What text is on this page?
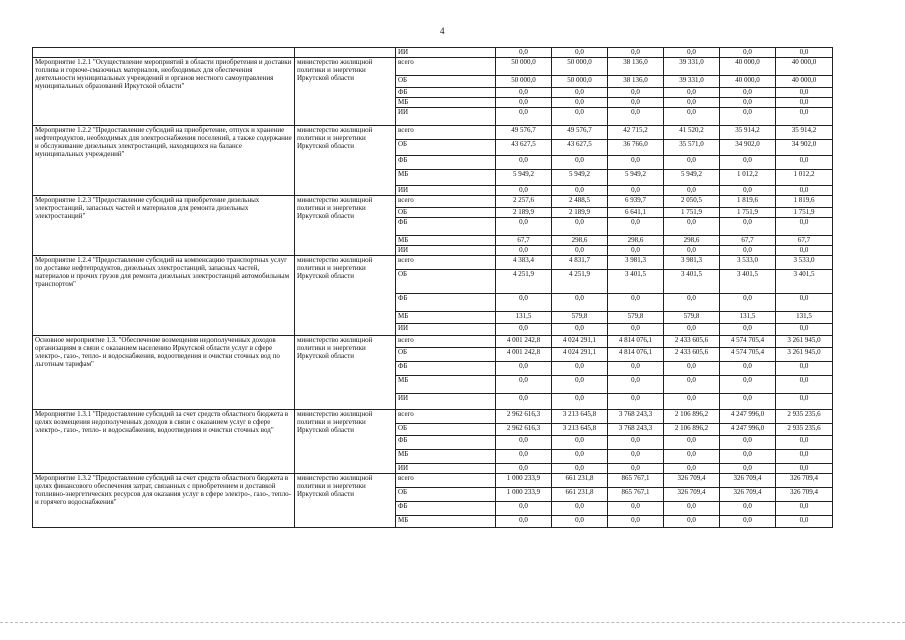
4
		ИИ	0,0	0,0	0,0	0,0	0,0	0,0
Мероприятие 1.2.1 "Осуществление мероприятий в области приобретения и доставки топлива и горюче-смазочных материалов, необходимых для обеспечения деятельности муниципальных учреждений и органов местного самоуправления муниципальных образований Иркутской области"	министерство жилищной политики и энергетики Иркутской области	всего	50 000,0	50 000,0	38 136,0	39 331,0	40 000,0	40 000,0
		ОБ	50 000,0	50 000,0	38 136,0	39 331,0	40 000,0	40 000,0
		ФБ	0,0	0,0	0,0	0,0	0,0	0,0
		МБ	0,0	0,0	0,0	0,0	0,0	0,0
		ИИ	0,0	0,0	0,0	0,0	0,0	0,0
Мероприятие 1.2.2 "Предоставление субсидий на приобретение, отпуск и хранение нефтепродуктов, необходимых для электроснабжения поселений, а также содержание и обслуживание дизельных электростанций, находящихся на балансе муниципальных учреждений"	министерство жилищной политики и энергетики Иркутской области	всего	49 576,7	49 576,7	42 715,2	41 520,2	35 914,2	35 914,2
		ОБ	43 627,5	43 627,5	36 766,0	35 571,0	34 902,0	34 902,0
		ФБ	0,0	0,0	0,0	0,0	0,0	0,0
		МБ	5 949,2	5 949,2	5 949,2	5 949,2	1 012,2	1 012,2
		ИИ	0,0	0,0	0,0	0,0	0,0	0,0
Мероприятие 1.2.3 "Предоставление субсидий на приобретение дизельных электростанций, запасных частей и материалов для ремонта дизельных электростанций"	министерство жилищной политики и энергетики Иркутской области	всего	2 257,6	2 488,5	6 939,7	2 050,5	1 819,6	1 819,6
		ОБ	2 189,9	2 189,9	6 641,1	1 751,9	1 751,9	1 751,9
		ФБ	0,0	0,0	0,0	0,0	0,0	0,0
		МБ	67,7	298,6	298,6	298,6	67,7	67,7
		ИИ	0,0	0,0	0,0	0,0	0,0	0,0
Мероприятие 1.2.4 "Предоставление субсидий на компенсацию транспортных услуг по доставке нефтепродуктов, дизельных электростанций, запасных частей, материалов и прочих грузов для ремонта дизельных электростанций автомобильным транспортом"	министерство жилищной политики и энергетики Иркутской области	всего	4 383,4	4 831,7	3 981,3	3 981,3	3 533,0	3 533,0
		ОБ	4 251,9	4 251,9	3 401,5	3 401,5	3 401,5	3 401,5
		ФБ	0,0	0,0	0,0	0,0	0,0	0,0
		МБ	131,5	579,8	579,8	579,8	131,5	131,5
		ИИ	0,0	0,0	0,0	0,0	0,0	0,0
Основное мероприятие 1.3. "Обеспечение возмещения недополученных доходов организациям в связи с оказанием населению Иркутской области услуг в сфере электро-, газо-, тепло- и водоснабжения, водоотведения и очистки сточных вод по льготным тарифам"	министерство жилищной политики и энергетики Иркутской области	всего	4 001 242,8	4 024 291,1	4 814 076,1	2 433 605,6	4 574 705,4	3 261 945,0
		ОБ	4 001 242,8	4 024 291,1	4 814 076,1	2 433 605,6	4 574 705,4	3 261 945,0
		ФБ	0,0	0,0	0,0	0,0	0,0	0,0
		МБ	0,0	0,0	0,0	0,0	0,0	0,0
		ИИ	0,0	0,0	0,0	0,0	0,0	0,0
Мероприятие 1.3.1 "Предоставление субсидий за счет средств областного бюджета в целях возмещения недополученных доходов в связи с оказанием услуг в сфере электро-, газо-, тепло- и водоснабжения, водоотведения и очистки сточных вод"	министерство жилищной политики и энергетики Иркутской области	всего	2 962 616,3	3 213 645,8	3 768 243,3	2 106 896,2	4 247 996,0	2 935 235,6
		ОБ	2 962 616,3	3 213 645,8	3 768 243,3	2 106 896,2	4 247 996,0	2 935 235,6
		ФБ	0,0	0,0	0,0	0,0	0,0	0,0
		МБ	0,0	0,0	0,0	0,0	0,0	0,0
		ИИ	0,0	0,0	0,0	0,0	0,0	0,0
Мероприятие 1.3.2 "Предоставление субсидий за счет средств областного бюджета в целях финансового обеспечения затрат, связанных с приобретением и доставкой топливно-энергетических ресурсов для оказания услуг в сфере электро-, газо-, тепло- и горячего водоснабжения"	министерство жилищной политики и энергетики Иркутской области	всего	1 000 233,9	661 231,8	865 767,1	326 709,4	326 709,4	326 709,4
		ОБ	1 000 233,9	661 231,8	865 767,1	326 709,4	326 709,4	326 709,4
		ФБ	0,0	0,0	0,0	0,0	0,0	0,0
		МБ	0,0	0,0	0,0	0,0	0,0	0,0
